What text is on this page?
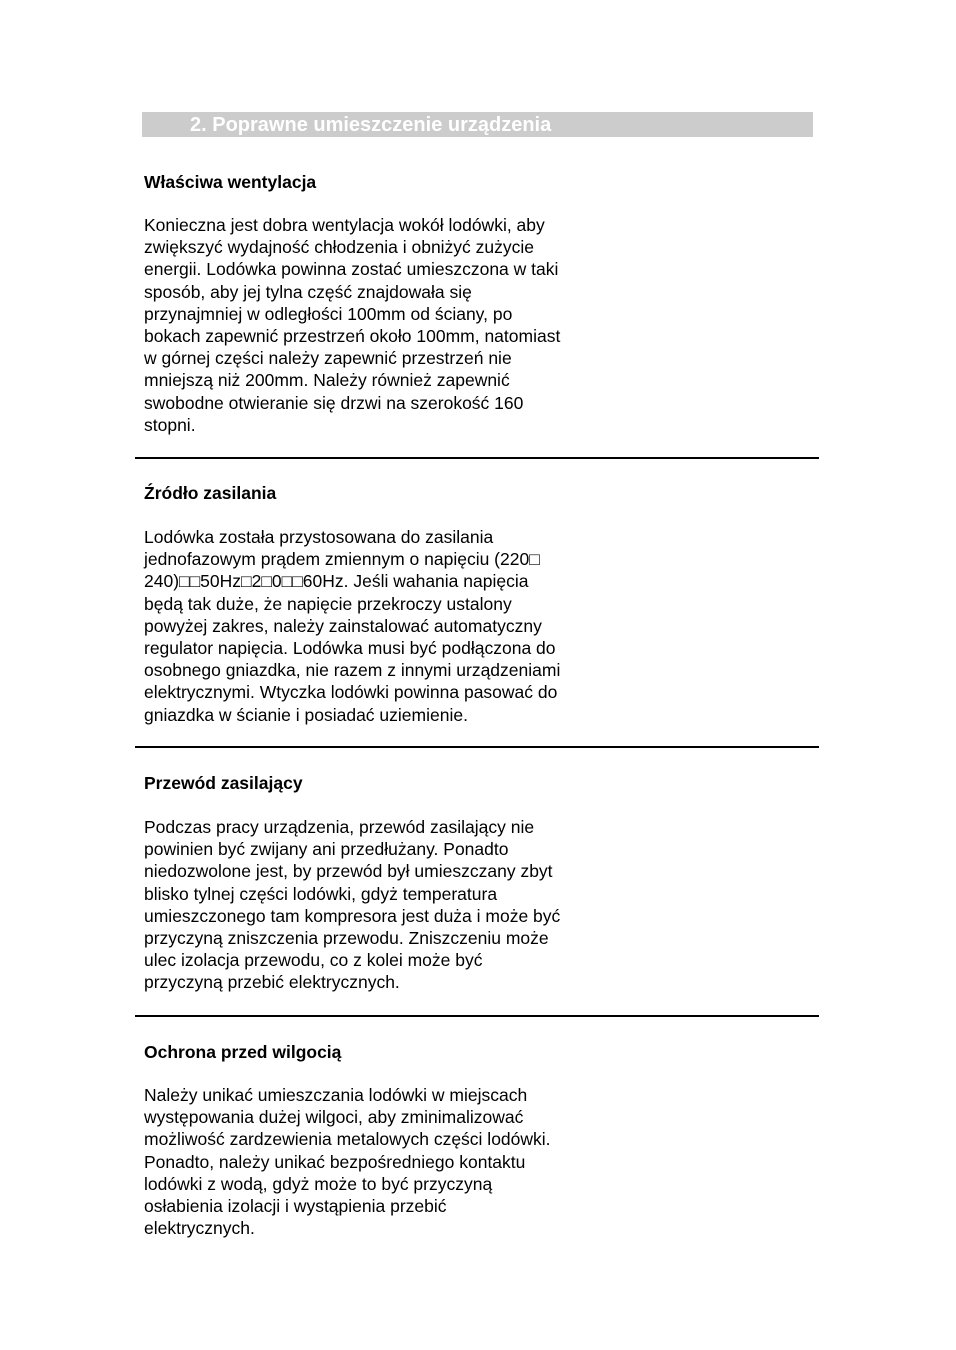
2. Poprawne umieszczenie urządzenia
Właściwa wentylacja
Konieczna jest dobra wentylacja wokół lodówki, aby
zwiększyć wydajność chłodzenia i obniżyć zużycie
energii. Lodówka powinna zostać umieszczona w taki
sposób, aby jej tylna część znajdowała się
przynajmniej w odległości 100mm od ściany, po
bokach zapewnić przestrzeń około 100mm, natomiast
w górnej części należy zapewnić przestrzeń nie
mniejszą niż 200mm. Należy również zapewnić
swobodne otwieranie się drzwi na szerokość 160
stopni.
Źródło zasilania
Lodówka została przystosowana do zasilania
jednofazowym prądem zmiennym o napięciu (220□
240)□□50Hz□2□0□□60Hz. Jeśli wahania napięcia
będą tak duże, że napięcie przekroczy ustalony
powyżej zakres, należy zainstalować automatyczny
regulator napięcia. Lodówka musi być podłączona do
osobnego gniazdka, nie razem z innymi urządzeniami
elektrycznymi. Wtyczka lodówki powinna pasować do
gniazdka w ścianie i posiadać uziemienie.
Przewód zasilający
Podczas pracy urządzenia, przewód zasilający nie
powinien być zwijany ani przedłużany. Ponadto
niedozwolone jest, by przewód był umieszczany zbyt
blisko tylnej części lodówki, gdyż temperatura
umieszczonego tam kompresora jest duża i może być
przyczyną zniszczenia przewodu. Zniszczeniu może
ulec izolacja przewodu, co z kolei może być
przyczyną przebić elektrycznych.
Ochrona przed wilgocią
Należy unikać umieszczania lodówki w miejscach
występowania dużej wilgoci, aby zminimalizować
możliwość zardzewienia metalowych części lodówki.
Ponadto, należy unikać bezpośredniego kontaktu
lodówki z wodą, gdyż może to być przyczyną
osłabienia izolacji i wystąpienia przebić
elektrycznych.
